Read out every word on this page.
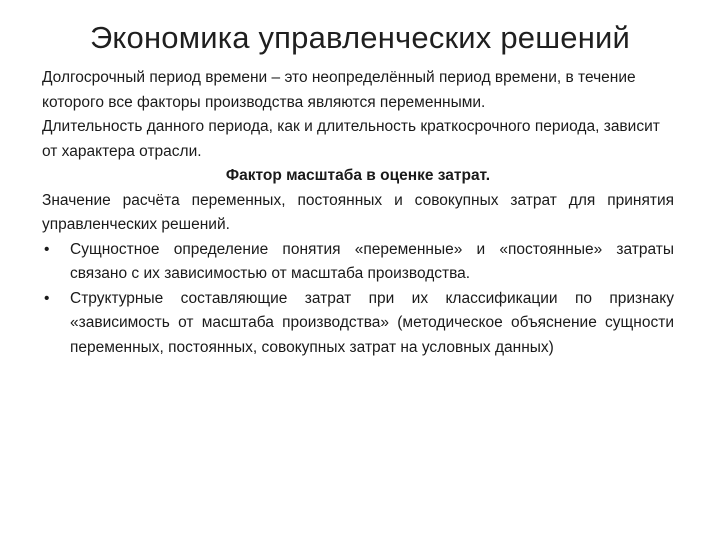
Экономика управленческих решений

Долгосрочный период времени – это неопределённый период времени, в течение которого все факторы производства являются переменными.

Длительность данного периода, как и длительность краткосрочного периода, зависит от характера отрасли.

Фактор масштаба в оценке затрат.

Значение расчёта переменных, постоянных и совокупных затрат для принятия управленческих решений.

•	Сущностное определение понятия «переменные» и «постоянные» затраты связано с их зависимостью от масштаба производства.
•	Структурные составляющие затрат при их классификации по признаку «зависимость от масштаба производства» (методическое объяснение сущности переменных, постоянных, совокупных затрат на условных данных)
